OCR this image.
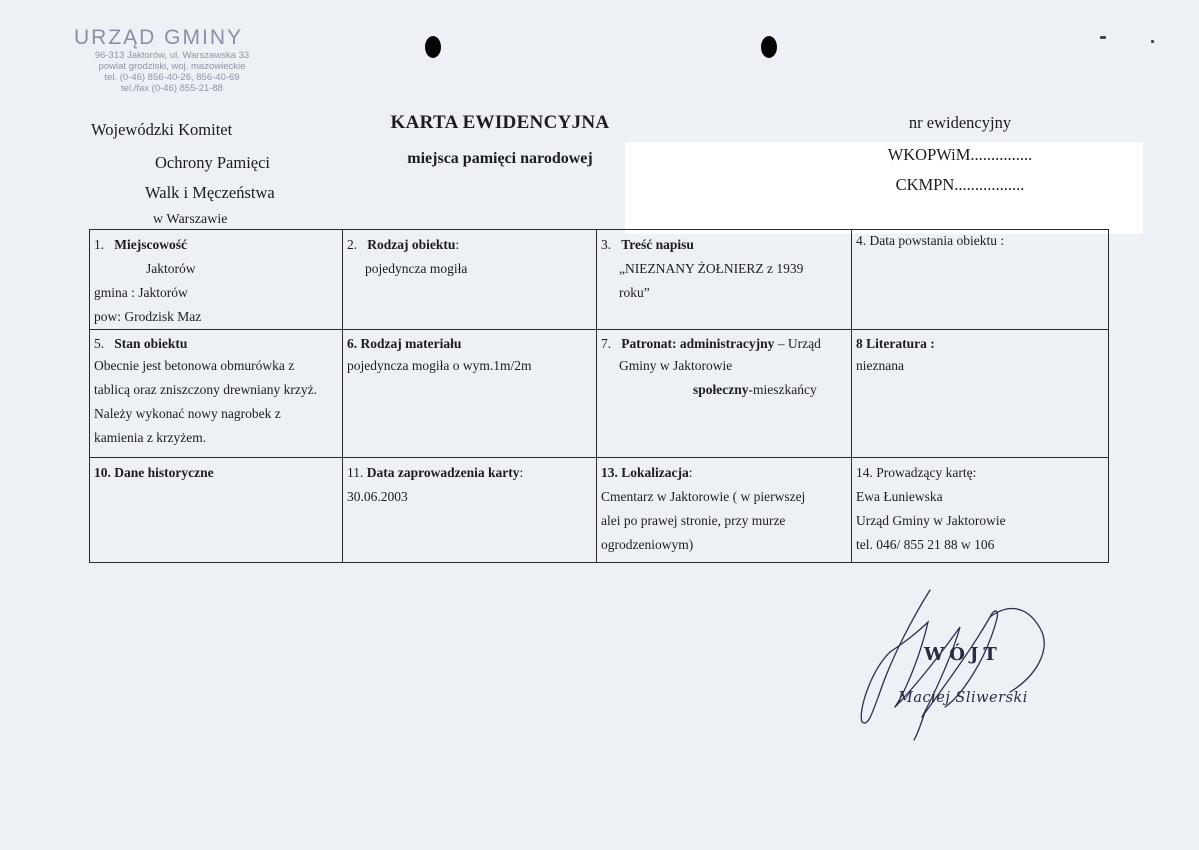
URZĄD GMINY
96-313 Jaktorów, ul. Warszawska 33
powiat grodziski, woj. mazowieckie
tel. (0-46) 856-40-26, 856-40-69
tel./fax (0-46) 855-21-88
Wojewódzki Komitet
Ochrony Pamięci
Walk i Męczeństwa
w Warszawie
KARTA EWIDENCYJNA
miejsca pamięci narodowej
nr ewidencyjny
WKOPWiM...............
CKMPN.................
1. Miejscowość
Jaktorów
gmina : Jaktorów
pow: Grodzisk Maz
2. Rodzaj obiektu:
pojedyncza mogiła
3. Treść napisu
„NIEZNANY ŻOŁNIERZ z 1939
roku”
4. Data powstania obiektu :
5. Stan obiektu
Obecnie jest betonowa obmurówka z
tablicą oraz zniszczony drewniany krzyż.
Należy wykonać nowy nagrobek z
kamienia z krzyżem.
6. Rodzaj materiału
pojedyncza mogiła o wym.1m/2m
7. Patronat: administracyjny – Urząd
Gminy w Jaktorowie
społeczny-mieszkańcy
8 Literatura :
nieznana
10. Dane historyczne	11. Data zaprowadzenia karty:
30.06.2003
13. Lokalizacja:
Cmentarz w Jaktorowie ( w pierwszej
alei po prawej stronie, przy murze
ogrodzeniowym)
14. Prowadzący kartę:
Ewa Łuniewska
Urząd Gminy w Jaktorowie
tel. 046/ 855 21 88 w 106
WÓJT
Maciej Śliwerski
